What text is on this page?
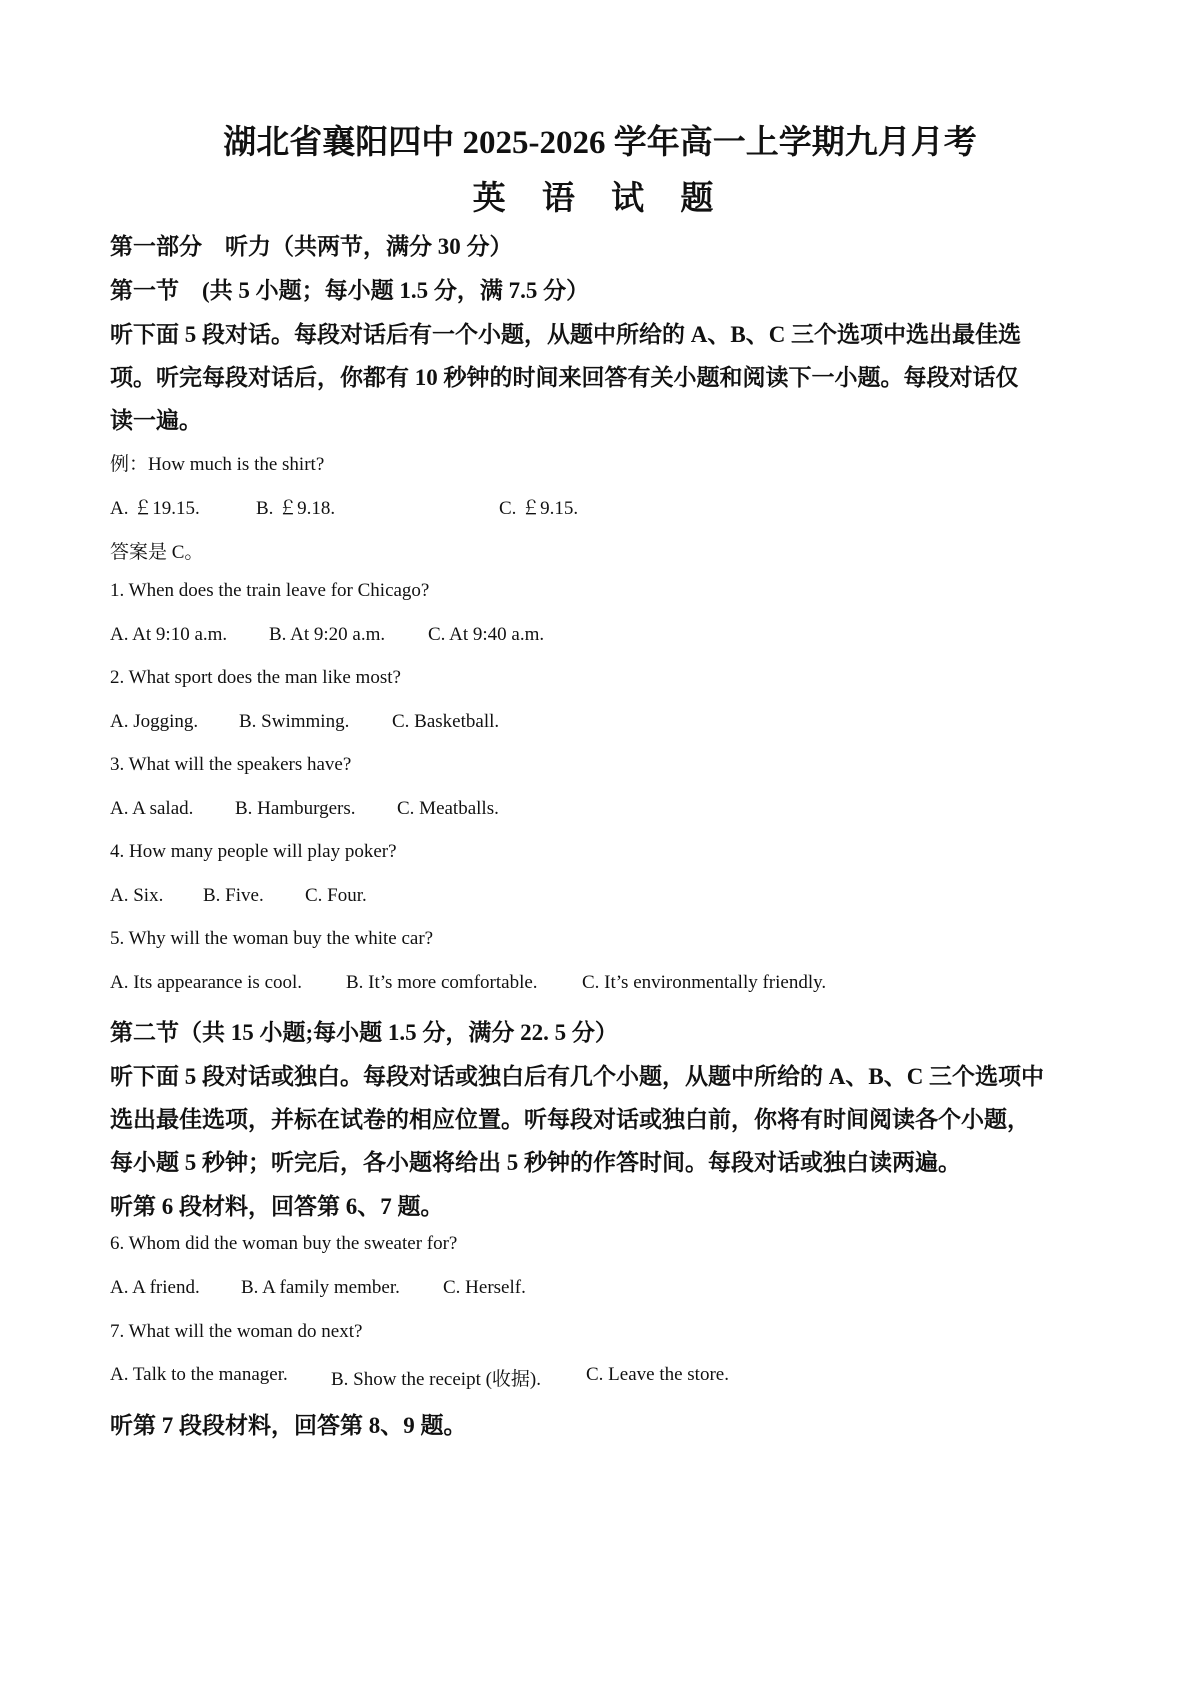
湖北省襄阳四中 2025-2026 学年高一上学期九月月考
英 语 试 题
第一部分　听力（共两节，满分 30 分）
第一节　(共 5 小题；每小题 1.5 分，满 7.5 分）
听下面 5 段对话。每段对话后有一个小题，从题中所给的 A、B、C 三个选项中选出最佳选
项。听完每段对话后，你都有 10 秒钟的时间来回答有关小题和阅读下一小题。每段对话仅
读一遍。
例：How much is the shirt?
A. ￡19.15.	B. ￡9.18.	C. ￡9.15.
答案是 C。
1. When does the train leave for Chicago?
A. At 9:10 a.m. B. At 9:20 a.m. C. At 9:40 a.m.
2. What sport does the man like most?
A. Jogging. B. Swimming. C. Basketball.
3. What will the speakers have?
A. A salad. B. Hamburgers. C. Meatballs.
4. How many people will play poker?
A. Six. B. Five. C. Four.
5. Why will the woman buy the white car?
A. Its appearance is cool. B. It’s more comfortable. C. It’s environmentally friendly.
第二节（共 15 小题;每小题 1.5 分，满分 22. 5 分）
听下面 5 段对话或独白。每段对话或独白后有几个小题，从题中所给的 A、B、C 三个选项中
选出最佳选项，并标在试卷的相应位置。听每段对话或独白前，你将有时间阅读各个小题，
每小题 5 秒钟；听完后，各小题将给出 5 秒钟的作答时间。每段对话或独白读两遍。
听第 6 段材料，回答第 6、7 题。
6. Whom did the woman buy the sweater for?
A. A friend. B. A family member. C. Herself.
7. What will the woman do next?
A. Talk to the manager. B. Show the receipt (收据). C. Leave the store.
听第 7 段段材料，回答第 8、9 题。
